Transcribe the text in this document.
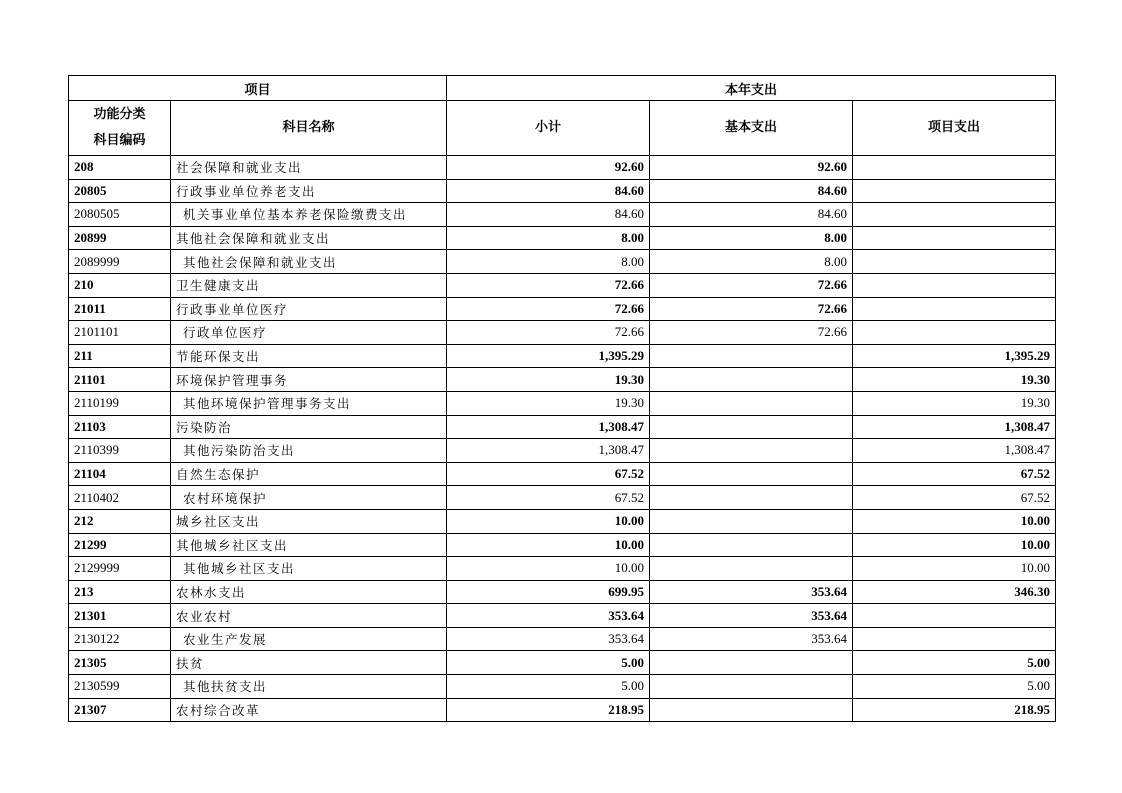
项目		本年支出		
功能分类
科目编码	科目名称	小计	基本支出	项目支出
208	社会保障和就业支出	92.60	92.60	
20805	行政事业单位养老支出	84.60	84.60	
2080505	机关事业单位基本养老保险缴费支出	84.60	84.60	
20899	其他社会保障和就业支出	8.00	8.00	
2089999	其他社会保障和就业支出	8.00	8.00	
210	卫生健康支出	72.66	72.66	
21011	行政事业单位医疗	72.66	72.66	
2101101	行政单位医疗	72.66	72.66	
211	节能环保支出	1,395.29		1,395.29
21101	环境保护管理事务	19.30		19.30
2110199	其他环境保护管理事务支出	19.30		19.30
21103	污染防治	1,308.47		1,308.47
2110399	其他污染防治支出	1,308.47		1,308.47
21104	自然生态保护	67.52		67.52
2110402	农村环境保护	67.52		67.52
212	城乡社区支出	10.00		10.00
21299	其他城乡社区支出	10.00		10.00
2129999	其他城乡社区支出	10.00		10.00
213	农林水支出	699.95	353.64	346.30
21301	农业农村	353.64	353.64	
2130122	农业生产发展	353.64	353.64	
21305	扶贫	5.00		5.00
2130599	其他扶贫支出	5.00		5.00
21307	农村综合改革	218.95		218.95
